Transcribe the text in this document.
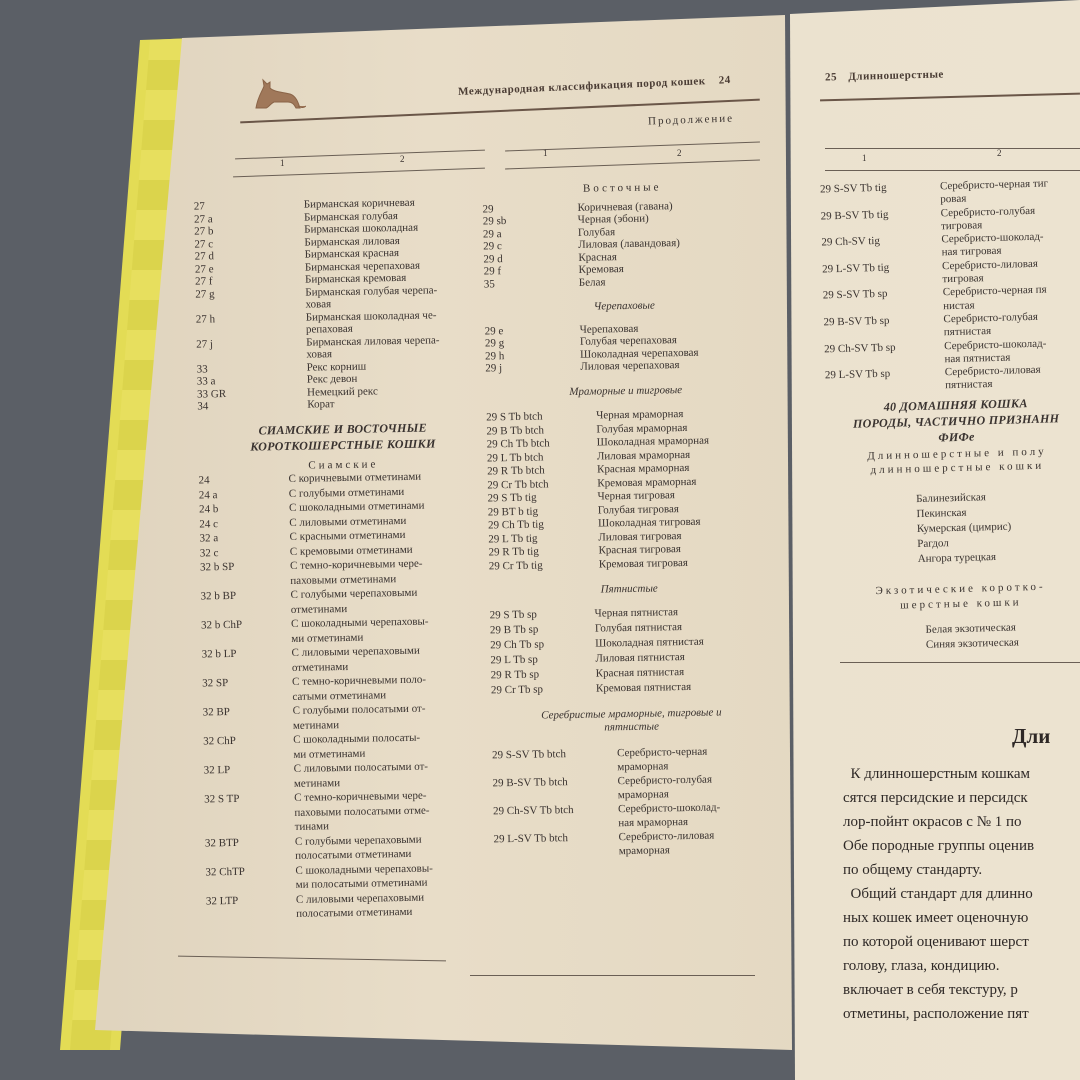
Международная классификация пород кошек 24
Продолжение
1	2
1	2
27	Бирманская коричневая
27 a	Бирманская голубая
27 b	Бирманская шоколадная
27 c	Бирманская лиловая
27 d	Бирманская красная
27 e	Бирманская черепаховая
27 f	Бирманская кремовая
27 g	Бирманская голубая черепа-
ховая
27 h	Бирманская шоколадная че-
репаховая
27 j	Бирманская лиловая черепа-
ховая
33	Рекс корниш
33 a	Рекс девон
33 GR	Немецкий рекс
34	Корат
СИАМСКИЕ И ВОСТОЧНЫЕ КОРОТКОШЕРСТНЫЕ КОШКИ
Сиамские
24	С коричневыми отметинами
24 a	С голубыми отметинами
24 b	С шоколадными отметинами
24 c	С лиловыми отметинами
32 a	С красными отметинами
32 c	С кремовыми отметинами
32 b SP	С темно-коричневыми чере-
паховыми отметинами
32 b BP	С голубыми черепаховыми
отметинами
32 b ChP	С шоколадными черепаховы-
ми отметинами
32 b LP	С лиловыми черепаховыми
отметинами
32 SP	С темно-коричневыми поло-
сатыми отметинами
32 BP	С голубыми полосатыми от-
метинами
32 ChP	С шоколадными полосаты-
ми отметинами
32 LP	С лиловыми полосатыми от-
метинами
32 S TP	С темно-коричневыми чере-
паховыми полосатыми отме-
тинами
32 BTP	С голубыми черепаховыми
полосатыми отметинами
32 ChTP	С шоколадными черепаховы-
ми полосатыми отметинами
32 LTP	С лиловыми черепаховыми
полосатыми отметинами
Восточные
29	Коричневая (гавана)
29 sb	Черная (эбони)
29 a	Голубая
29 c	Лиловая (лавандовая)
29 d	Красная
29 f	Кремовая
35	Белая
Черепаховые
29 e	Черепаховая
29 g	Голубая черепаховая
29 h	Шоколадная черепаховая
29 j	Лиловая черепаховая
Мраморные и тигровые
29 S Tb btch	Черная мраморная
29 B Tb btch	Голубая мраморная
29 Ch Tb btch	Шоколадная мраморная
29 L Tb btch	Лиловая мраморная
29 R Tb btch	Красная мраморная
29 Cr Tb btch	Кремовая мраморная
29 S Tb tig	Черная тигровая
29 BT b tig	Голубая тигровая
29 Ch Tb tig	Шоколадная тигровая
29 L Tb tig	Лиловая тигровая
29 R Tb tig	Красная тигровая
29 Cr Tb tig	Кремовая тигровая
Пятнистые
29 S Tb sp	Черная пятнистая
29 B Tb sp	Голубая пятнистая
29 Ch Tb sp	Шоколадная пятнистая
29 L Tb sp	Лиловая пятнистая
29 R Tb sp	Красная пятнистая
29 Cr Tb sp	Кремовая пятнистая
Серебристые мраморные, тигровые и пятнистые
29 S-SV Tb btch	Серебристо-черная
мраморная
29 B-SV Tb btch	Серебристо-голубая
мраморная
29 Ch-SV Tb btch	Серебристо-шоколад-
ная мраморная
29 L-SV Tb btch	Серебристо-лиловая
мраморная
25 Длинношерстные
1	2
29 S-SV Tb tig	Серебристо-черная тиг
ровая
29 B-SV Tb tig	Серебристо-голубая
тигровая
29 Ch-SV tig	Серебристо-шоколад-
ная тигровая
29 L-SV Tb tig	Серебристо-лиловая
тигровая
29 S-SV Tb sp	Серебристо-черная пя
нистая
29 B-SV Tb sp	Серебристо-голубая
пятнистая
29 Ch-SV Tb sp	Серебристо-шоколад-
ная пятнистая
29 L-SV Tb sp	Серебристо-лиловая
пятнистая
40 ДОМАШНЯЯ КОШКА
ПОРОДЫ, ЧАСТИЧНО ПРИЗНАНН
ФИФе
Длинношерстные и полу
длинношерстные кошки
Балинезийская
Пекинская
Кумерская (цимрис)
Рагдол
Ангора турецкая
Экзотические коротко-
шерстные кошки
Белая экзотическая
Синяя экзотическая
Дли
К длинношерстным кошкам
сятся персидские и персидск
лор-пойнт окрасов с № 1 по
Обе породные группы оценив
по общему стандарту.
Общий стандарт для длинно
ных кошек имеет оценочную
по которой оценивают шерст
голову, глаза, кондицию.
включает в себя текстуру, р
отметины, расположение пят
